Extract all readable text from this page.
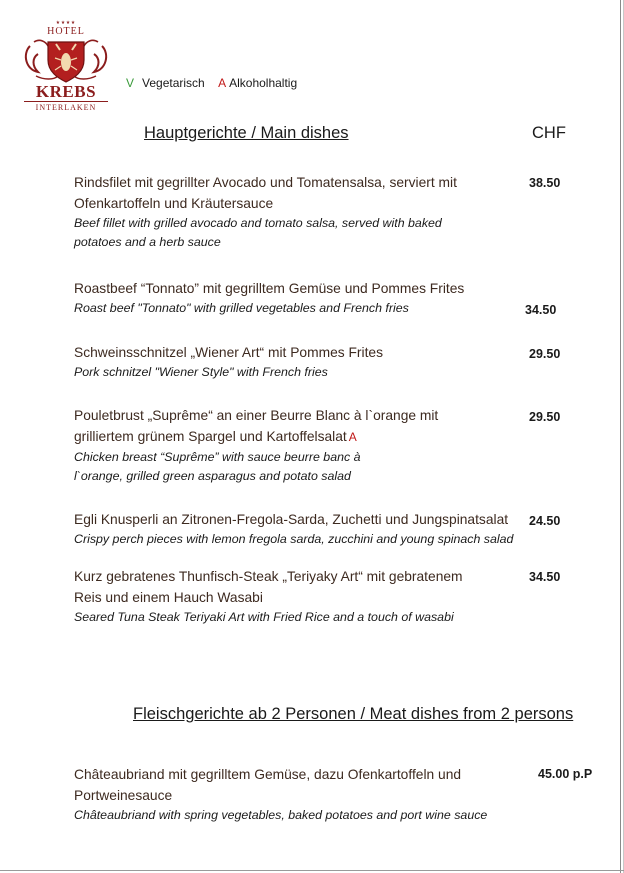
★★★★
HOTEL
KREBS
INTERLAKEN
V Vegetarisch A Alkoholhaltig
Hauptgerichte / Main dishes	CHF
Rindsfilet mit gegrillter Avocado und Tomatensalsa, serviert mit Ofenkartoffeln und Kräutersauce
Beef fillet with grilled avocado and tomato salsa, served with baked potatoes and a herb sauce
38.50
Roastbeef “Tonnato” mit gegrilltem Gemüse und Pommes Frites
Roast beef "Tonnato" with grilled vegetables and French fries	34.50
Schweinsschnitzel „Wiener Art“ mit Pommes Frites
Pork schnitzel "Wiener Style" with French fries
29.50
Pouletbrust „Suprême“ an einer Beurre Blanc à l`orange mit grilliertem grünem Spargel und Kartoffelsalat A
Chicken breast “Suprême” with sauce beurre banc à l`orange, grilled green asparagus and potato salad
29.50
Egli Knusperli an Zitronen-Fregola-Sarda, Zuchetti und Jungspinatsalat
Crispy perch pieces with lemon fregola sarda, zucchini and young spinach salad
24.50
Kurz gebratenes Thunfisch-Steak „Teriyaky Art“ mit gebratenem Reis und einem Hauch Wasabi
Seared Tuna Steak Teriyaki Art with Fried Rice and a touch of wasabi
34.50
Fleischgerichte ab 2 Personen / Meat dishes from 2 persons
Châteaubriand mit gegrilltem Gemüse, dazu Ofenkartoffeln und Portweinesauce
Châteaubriand with spring vegetables, baked potatoes and port wine sauce
45.00 p.P
